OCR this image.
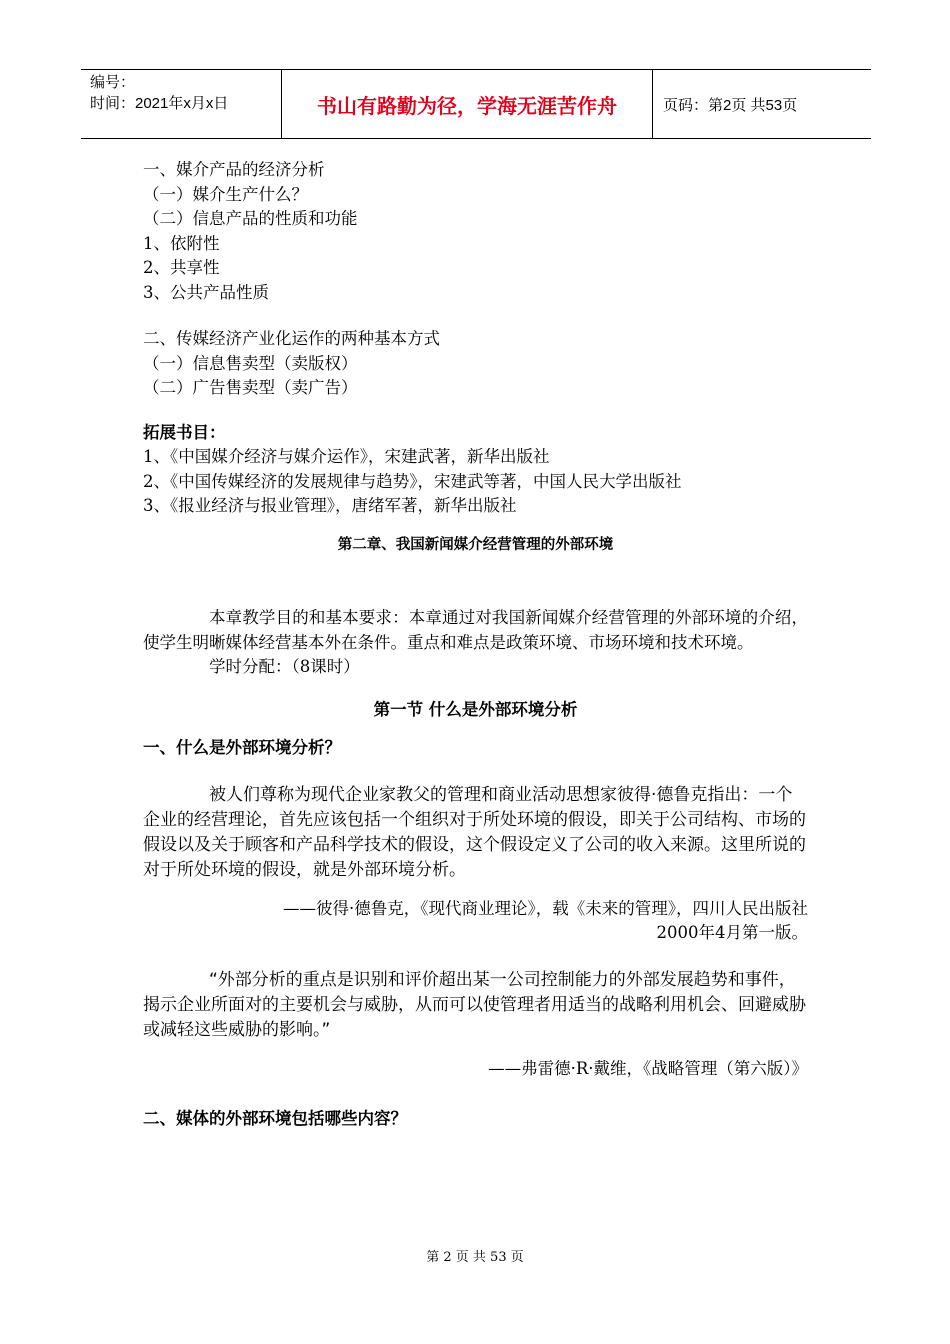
编号：
时间：2021年x月x日	书山有路勤为径，学海无涯苦作舟	页码：第2页 共53页
一、媒介产品的经济分析
（一）媒介生产什么？
（二）信息产品的性质和功能
1、依附性
2、共享性
3、公共产品性质
二、传媒经济产业化运作的两种基本方式
（一）信息售卖型（卖版权）
（二）广告售卖型（卖广告）
拓展书目：
1、《中国媒介经济与媒介运作》，宋建武著，新华出版社
2、《中国传媒经济的发展规律与趋势》，宋建武等著，中国人民大学出版社
3、《报业经济与报业管理》，唐绪军著，新华出版社
第二章、我国新闻媒介经营管理的外部环境
本章教学目的和基本要求：本章通过对我国新闻媒介经营管理的外部环境的介绍，使学生明晰媒体经营基本外在条件。重点和难点是政策环境、市场环境和技术环境。
学时分配：（8课时）
第一节 什么是外部环境分析
一、什么是外部环境分析？
被人们尊称为现代企业家教父的管理和商业活动思想家彼得·德鲁克指出：一个企业的经营理论，首先应该包括一个组织对于所处环境的假设，即关于公司结构、市场的假设以及关于顾客和产品科学技术的假设，这个假设定义了公司的收入来源。这里所说的对于所处环境的假设，就是外部环境分析。
——彼得·德鲁克，《现代商业理论》，载《未来的管理》，四川人民出版社
2000年4月第一版。
“外部分析的重点是识别和评价超出某一公司控制能力的外部发展趋势和事件，揭示企业所面对的主要机会与威胁，从而可以使管理者用适当的战略利用机会、回避威胁或减轻这些威胁的影响。”
——弗雷德·R·戴维，《战略管理（第六版）》
二、媒体的外部环境包括哪些内容？
第 2 页 共 53 页
